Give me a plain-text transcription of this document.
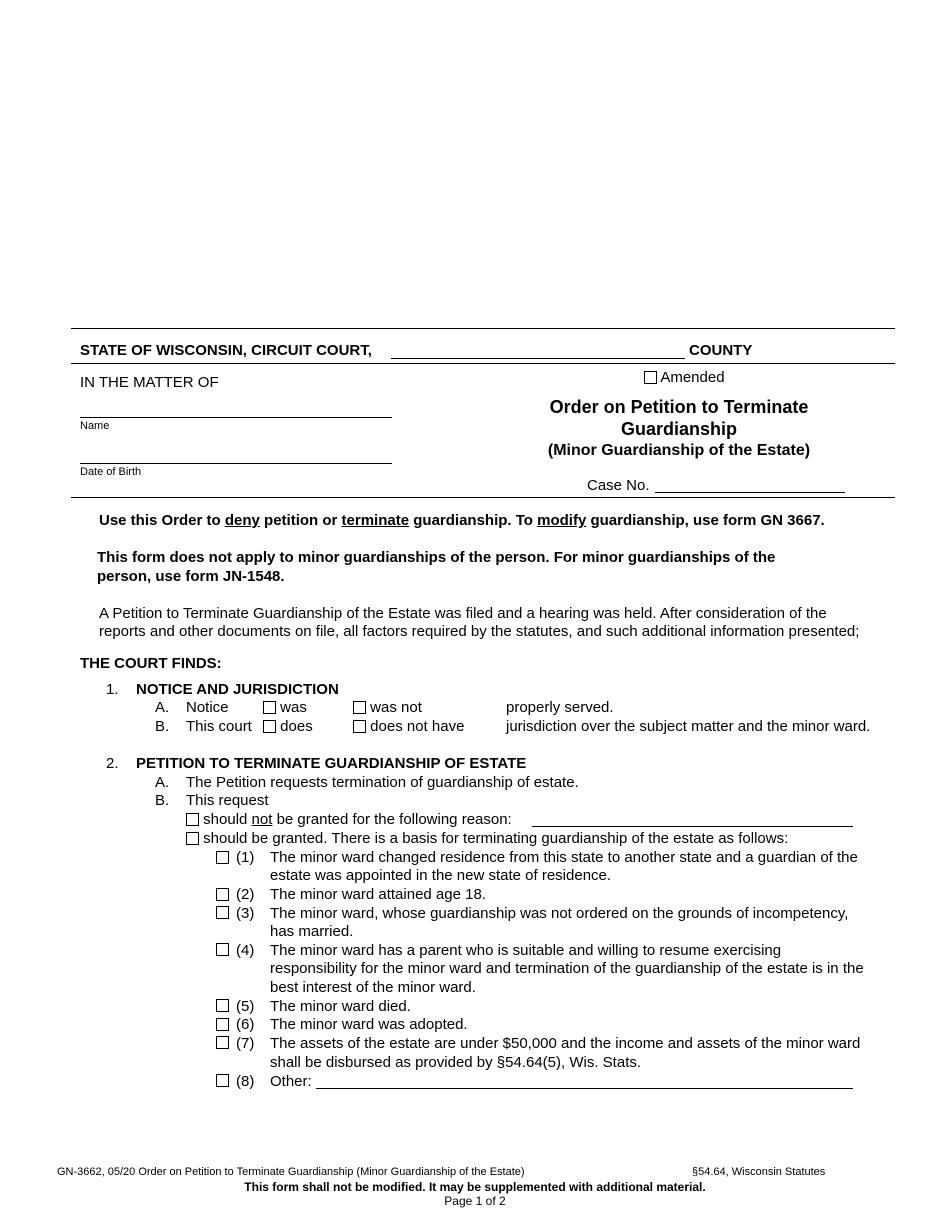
STATE OF WISCONSIN, CIRCUIT COURT,	COUNTY
IN THE MATTER OF
Name
Date of Birth
Amended
Order on Petition to Terminate
Guardianship
(Minor Guardianship of the Estate)
Case No.
Use this Order to deny petition or terminate guardianship. To modify guardianship, use form GN 3667.
This form does not apply to minor guardianships of the person. For minor guardianships of the
person, use form JN-1548.
A Petition to Terminate Guardianship of the Estate was filed and a hearing was held. After consideration of the
reports and other documents on file, all factors required by the statutes, and such additional information presented;
THE COURT FINDS:
1. NOTICE AND JURISDICTION
A. Notice	was	was not	properly served.
B. This court	does	does not have	jurisdiction over the subject matter and the minor ward.
2. PETITION TO TERMINATE GUARDIANSHIP OF ESTATE
A. The Petition requests termination of guardianship of estate.
B. This request
should not be granted for the following reason:
should be granted. There is a basis for terminating guardianship of the estate as follows:
(1) The minor ward changed residence from this state to another state and a guardian of the
estate was appointed in the new state of residence.
(2) The minor ward attained age 18.
(3) The minor ward, whose guardianship was not ordered on the grounds of incompetency,
has married.
(4) The minor ward has a parent who is suitable and willing to resume exercising
responsibility for the minor ward and termination of the guardianship of the estate is in the
best interest of the minor ward.
(5) The minor ward died.
(6) The minor ward was adopted.
(7) The assets of the estate are under $50,000 and the income and assets of the minor ward
shall be disbursed as provided by §54.64(5), Wis. Stats.
(8) Other:
GN-3662, 05/20 Order on Petition to Terminate Guardianship (Minor Guardianship of the Estate)	§54.64, Wisconsin Statutes
This form shall not be modified. It may be supplemented with additional material.
Page 1 of 2
